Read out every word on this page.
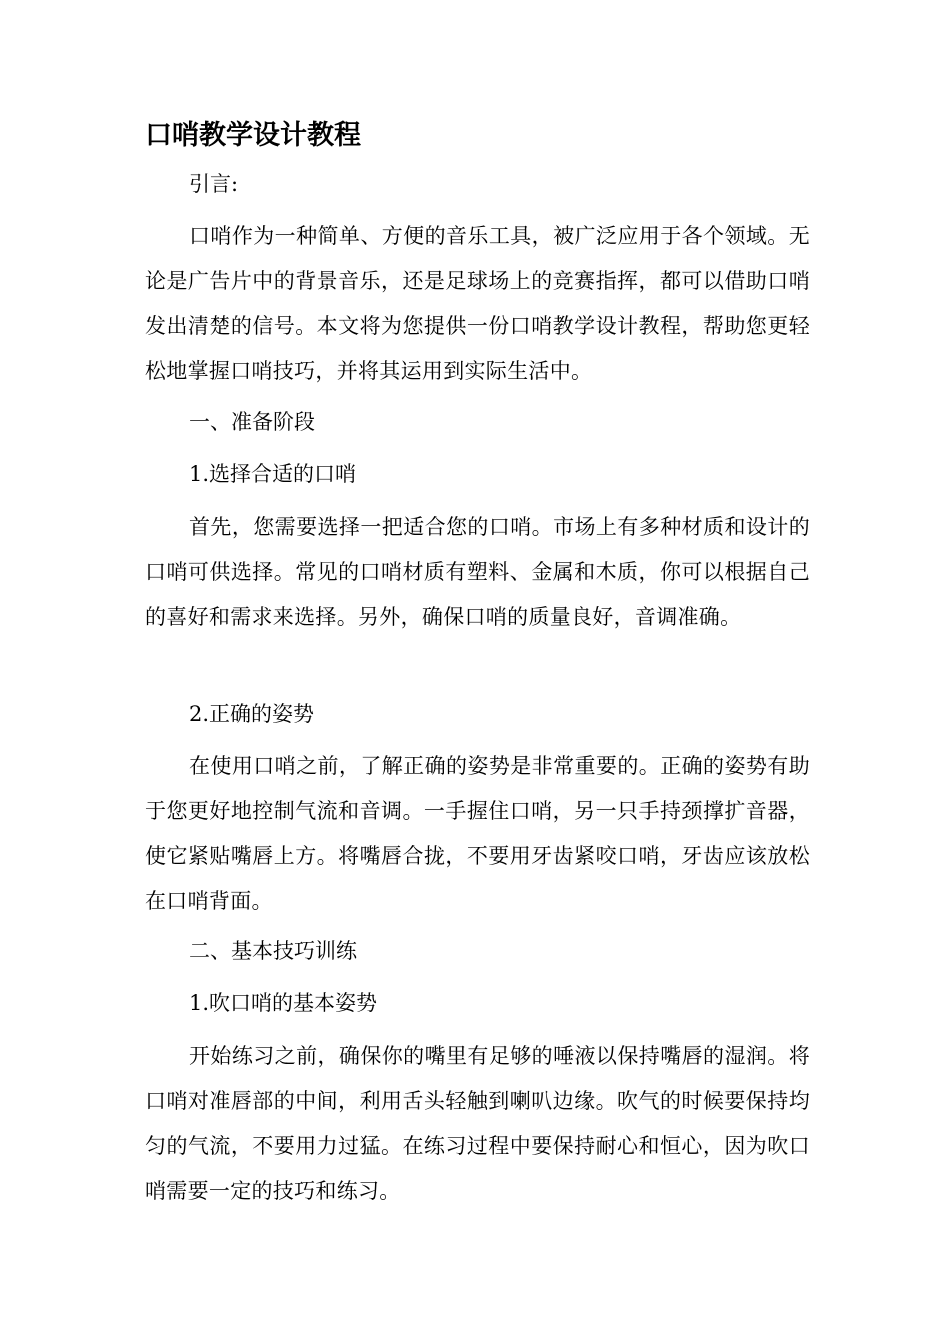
口哨教学设计教程

引言:

口哨作为一种简单、方便的音乐工具，被广泛应用于各个领域。无论是广告片中的背景音乐，还是足球场上的竞赛指挥，都可以借助口哨发出清楚的信号。本文将为您提供一份口哨教学设计教程，帮助您更轻松地掌握口哨技巧，并将其运用到实际生活中。

一、准备阶段

1.选择合适的口哨

首先，您需要选择一把适合您的口哨。市场上有多种材质和设计的口哨可供选择。常见的口哨材质有塑料、金属和木质，你可以根据自己的喜好和需求来选择。另外，确保口哨的质量良好，音调准确。

2.正确的姿势

在使用口哨之前，了解正确的姿势是非常重要的。正确的姿势有助于您更好地控制气流和音调。一手握住口哨，另一只手持颈撑扩音器，使它紧贴嘴唇上方。将嘴唇合拢，不要用牙齿紧咬口哨，牙齿应该放松在口哨背面。

二、基本技巧训练

1.吹口哨的基本姿势

开始练习之前，确保你的嘴里有足够的唾液以保持嘴唇的湿润。将口哨对准唇部的中间，利用舌头轻触到喇叭边缘。吹气的时候要保持均匀的气流，不要用力过猛。在练习过程中要保持耐心和恒心，因为吹口哨需要一定的技巧和练习。
